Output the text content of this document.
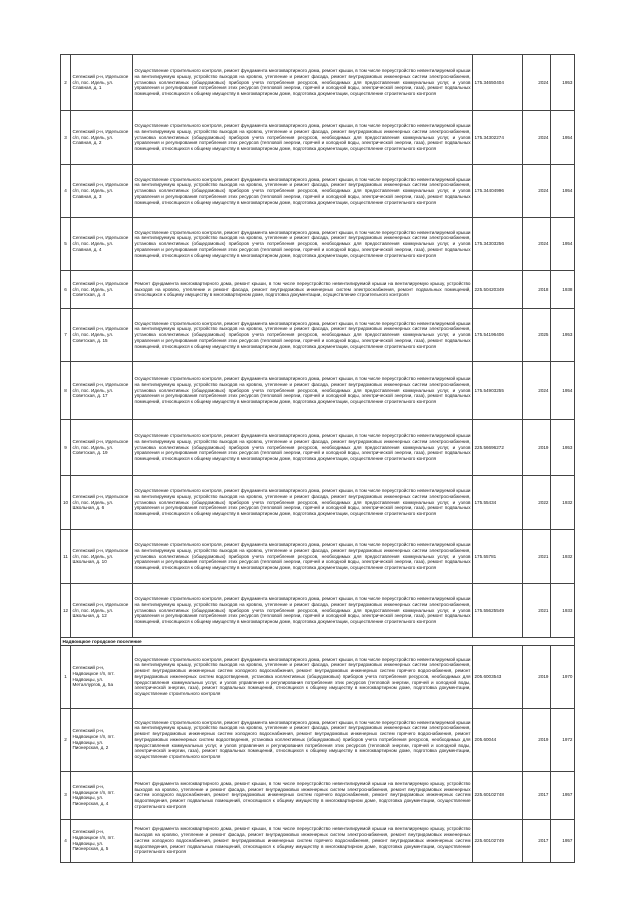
2	Сегежский р-н, Идельское с/п, пос. Идель, ул. Славная, д. 1	Осуществление строительного контроля, ремонт фундамента многоквартирного дома, ремонт крыши, в том числе переустройство невентилируемой крыши на вентилируемую крышу, устройство выходов на кровлю, утепление и ремонт фасада, ремонт внутридомовых инженерных систем электроснабжения, установка коллективных (общедомовых) приборов учета потребления ресурсов, необходимых для предоставления коммунальных услуг, и узлов управления и регулирования потребления этих ресурсов (тепловой энергии, горячей и холодной воды, электрической энергии, газа), ремонт подвальных помещений, относящихся к общему имуществу в многоквартирном доме, подготовка документации, осуществление строительного контроля	175.34650404	2024	1953
3	Сегежский р-н, Идельское с/п, пос. Идель, ул. Славная, д. 2	Осуществление строительного контроля, ремонт фундамента многоквартирного дома, ремонт крыши, в том числе переустройство невентилируемой крыши на вентилируемую крышу, устройство выходов на кровлю, утепление и ремонт фасада, ремонт внутридомовых инженерных систем электроснабжения, установка коллективных (общедомовых) приборов учета потребления ресурсов, необходимых для предоставления коммунальных услуг, и узлов управления и регулирования потребления этих ресурсов (тепловой энергии, горячей и холодной воды, электрической энергии, газа), ремонт подвальных помещений, относящихся к общему имуществу в многоквартирном доме, подготовка документации, осуществление строительного контроля	175.34302274	2024	1954
4	Сегежский р-н, Идельское с/п, пос. Идель, ул. Славная, д. 3	Осуществление строительного контроля, ремонт фундамента многоквартирного дома, ремонт крыши, в том числе переустройство невентилируемой крыши на вентилируемую крышу, устройство выходов на кровлю, утепление и ремонт фасада, ремонт внутридомовых инженерных систем электроснабжения, установка коллективных (общедомовых) приборов учета потребления ресурсов, необходимых для предоставления коммунальных услуг, и узлов управления и регулирования потребления этих ресурсов (тепловой энергии, горячей и холодной воды, электрической энергии, газа), ремонт подвальных помещений, относящихся к общему имуществу в многоквартирном доме, подготовка документации, осуществление строительного контроля	175.34404996	2024	1954
5	Сегежский р-н, Идельское с/п, пос. Идель, ул. Славная, д. 4	Осуществление строительного контроля, ремонт фундамента многоквартирного дома, ремонт крыши, в том числе переустройство невентилируемой крыши на вентилируемую крышу, устройство выходов на кровлю, утепление и ремонт фасада, ремонт внутридомовых инженерных систем электроснабжения, установка коллективных (общедомовых) приборов учета потребления ресурсов, необходимых для предоставления коммунальных услуг, и узлов управления и регулирования потребления этих ресурсов (тепловой энергии, горячей и холодной воды, электрической энергии, газа), ремонт подвальных помещений, относящихся к общему имуществу в многоквартирном доме, подготовка документации, осуществление строительного контроля	175.34303256	2024	1954
6	Сегежский р-н, Идельское с/п, пос. Идель, ул. Советская, д. 4	Ремонт фундамента многоквартирного дома, ремонт крыши, в том числе переустройство невентилируемой крыши на вентилируемую крышу, устройство выходов на кровлю, утепление и ремонт фасада, ремонт внутридомовых инженерных систем электроснабжения, ремонт подвальных помещений, относящихся к общему имуществу в многоквартирном доме, подготовка документации, осуществление строительного контроля	225.50420349	2018	1938
7	Сегежский р-н, Идельское с/п, пос. Идель, ул. Советская, д. 15	Осуществление строительного контроля, ремонт фундамента многоквартирного дома, ремонт крыши, в том числе переустройство невентилируемой крыши на вентилируемую крышу, устройство выходов на кровлю, утепление и ремонт фасада, ремонт внутридомовых инженерных систем электроснабжения, установка коллективных (общедомовых) приборов учета потребления ресурсов, необходимых для предоставления коммунальных услуг, и узлов управления и регулирования потребления этих ресурсов (тепловой энергии, горячей и холодной воды, электрической энергии, газа), ремонт подвальных помещений, относящихся к общему имуществу в многоквартирном доме, подготовка документации, осуществление строительного контроля	175.54196406	2025	1953
8	Сегежский р-н, Идельское с/п, пос. Идель, ул. Советская, д. 17	Осуществление строительного контроля, ремонт фундамента многоквартирного дома, ремонт крыши, в том числе переустройство невентилируемой крыши на вентилируемую крышу, устройство выходов на кровлю, утепление и ремонт фасада, ремонт внутридомовых инженерных систем электроснабжения, установка коллективных (общедомовых) приборов учета потребления ресурсов, необходимых для предоставления коммунальных услуг, и узлов управления и регулирования потребления этих ресурсов (тепловой энергии, горячей и холодной воды, электрической энергии, газа), ремонт подвальных помещений, относящихся к общему имуществу в многоквартирном доме, подготовка документации, осуществление строительного контроля	175.54903255	2024	1954
9	Сегежский р-н, Идельское с/п, пос. Идель, ул. Советская, д. 19	Осуществление строительного контроля, ремонт фундамента многоквартирного дома, ремонт крыши, в том числе переустройство невентилируемой крыши на вентилируемую крышу, устройство выходов на кровлю, утепление и ремонт фасада, ремонт внутридомовых инженерных систем электроснабжения, установка коллективных (общедомовых) приборов учета потребления ресурсов, необходимых для предоставления коммунальных услуг, и узлов управления и регулирования потребления этих ресурсов (тепловой энергии, горячей и холодной воды, электрической энергии, газа), ремонт подвальных помещений, относящихся к общему имуществу в многоквартирном доме, подготовка документации, осуществление строительного контроля	225.56696272	2019	1953
10	Сегежский р-н, Идельское с/п, пос. Идель, ул. Школьная, д. 6	Осуществление строительного контроля, ремонт фундамента многоквартирного дома, ремонт крыши, в том числе переустройство невентилируемой крыши на вентилируемую крышу, устройство выходов на кровлю, утепление и ремонт фасада, ремонт внутридомовых инженерных систем электроснабжения, установка коллективных (общедомовых) приборов учета потребления ресурсов, необходимых для предоставления коммунальных услуг, и узлов управления и регулирования потребления этих ресурсов (тепловой энергии, горячей и холодной воды, электрической энергии, газа), ремонт подвальных помещений, относящихся к общему имуществу в многоквартирном доме, подготовка документации, осуществление строительного контроля	175.55434	2022	1932
11	Сегежский р-н, Идельское с/п, пос. Идель, ул. Школьная, д. 10	Осуществление строительного контроля, ремонт фундамента многоквартирного дома, ремонт крыши, в том числе переустройство невентилируемой крыши на вентилируемую крышу, устройство выходов на кровлю, утепление и ремонт фасада, ремонт внутридомовых инженерных систем электроснабжения, установка коллективных (общедомовых) приборов учета потребления ресурсов, необходимых для предоставления коммунальных услуг, и узлов управления и регулирования потребления этих ресурсов (тепловой энергии, горячей и холодной воды, электрической энергии, газа), ремонт подвальных помещений, относящихся к общему имуществу в многоквартирном доме, подготовка документации, осуществление строительного контроля	175.55781	2021	1932
12	Сегежский р-н, Идельское с/п, пос. Идель, ул. Школьная, д. 12	Осуществление строительного контроля, ремонт фундамента многоквартирного дома, ремонт крыши, в том числе переустройство невентилируемой крыши на вентилируемую крышу, устройство выходов на кровлю, утепление и ремонт фасада, ремонт внутридомовых инженерных систем электроснабжения, установка коллективных (общедомовых) приборов учета потребления ресурсов, необходимых для предоставления коммунальных услуг, и узлов управления и регулирования потребления этих ресурсов (тепловой энергии, горячей и холодной воды, электрической энергии, газа), ремонт подвальных помещений, относящихся к общему имуществу в многоквартирном доме, подготовка документации, осуществление строительного контроля	175.55625549	2021	1933
Надвоицкое городское поселение					
1	Сегежский р-н, Надвоицкое г/п, пгт. Надвоицы, ул. Металлургов, д. 5а	Осуществление строительного контроля, ремонт фундамента многоквартирного дома, ремонт крыши, в том числе переустройство невентилируемой крыши на вентилируемую крышу, устройство выходов на кровлю, утепление и ремонт фасада, ремонт внутридомовых инженерных систем электроснабжения, ремонт внутридомовых инженерных систем холодного водоснабжения, ремонт внутридомовых инженерных систем горячего водоснабжения, ремонт внутридомовых инженерных систем водоотведения, установка коллективных (общедомовых) приборов учета потребления ресурсов, необходимых для предоставления коммунальных услуг, и узлов управления и регулирования потребления этих ресурсов (тепловой энергии, горячей и холодной воды, электрической энергии, газа), ремонт подвальных помещений, относящихся к общему имуществу в многоквартирном доме, подготовка документации, осуществление строительного контроля	205.6003543	2019	1970
2	Сегежский р-н, Надвоицкое г/п, пгт. Надвоицы, ул. Пионерская, д. 2	Осуществление строительного контроля, ремонт фундамента многоквартирного дома, ремонт крыши, в том числе переустройство невентилируемой крыши на вентилируемую крышу, устройство выходов на кровлю, утепление и ремонт фасада, ремонт внутридомовых инженерных систем электроснабжения, ремонт внутридомовых инженерных систем холодного водоснабжения, ремонт внутридомовых инженерных систем горячего водоснабжения, ремонт внутридомовых инженерных систем водоотведения, установка коллективных (общедомовых) приборов учета потребления ресурсов, необходимых для предоставления коммунальных услуг, и узлов управления и регулирования потребления этих ресурсов (тепловой энергии, горячей и холодной воды, электрической энергии, газа), ремонт подвальных помещений, относящихся к общему имуществу в многоквартирном доме, подготовка документации, осуществление строительного контроля	205.60044	2019	1972
3	Сегежский р-н, Надвоицкое г/п, пгт. Надвоицы, ул. Пионерская, д. 4	Ремонт фундамента многоквартирного дома, ремонт крыши, в том числе переустройство невентилируемой крыши на вентилируемую крышу, устройство выходов на кровлю, утепление и ремонт фасада, ремонт внутридомовых инженерных систем электроснабжения, ремонт внутридомовых инженерных систем холодного водоснабжения, ремонт внутридомовых инженерных систем горячего водоснабжения, ремонт внутридомовых инженерных систем водоотведения, ремонт подвальных помещений, относящихся к общему имуществу в многоквартирном доме, подготовка документации, осуществление строительного контроля	225.60102748	2017	1957
4	Сегежский р-н, Надвоицкое г/п, пгт. Надвоицы, ул. Пионерская, д. 5	Ремонт фундамента многоквартирного дома, ремонт крыши, в том числе переустройство невентилируемой крыши на вентилируемую крышу, устройство выходов на кровлю, утепление и ремонт фасада, ремонт внутридомовых инженерных систем электроснабжения, ремонт внутридомовых инженерных систем холодного водоснабжения, ремонт внутридомовых инженерных систем горячего водоснабжения, ремонт внутридомовых инженерных систем водоотведения, ремонт подвальных помещений, относящихся к общему имуществу в многоквартирном доме, подготовка документации, осуществление строительного контроля	225.60102749	2017	1957
